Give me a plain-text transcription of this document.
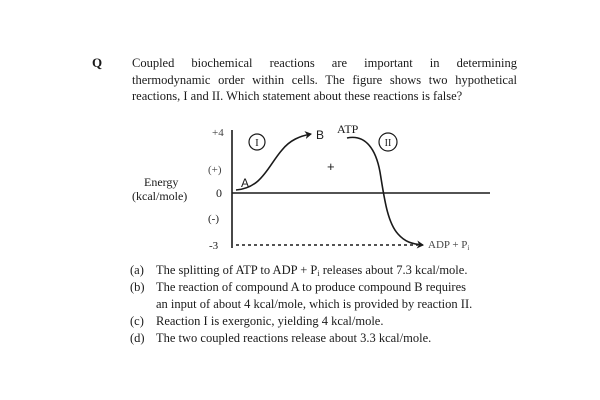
Q Coupled biochemical reactions are important in determining
thermodynamic order within cells. The figure shows two hypothetical
reactions, I and II. Which statement about these reactions is false?
+4
(+)
0
(-)
-3
Energy
(kcal/mole)
I	II
A
B
+
ATP
ADP + Pi
(a) The splitting of ATP to ADP + $P_i$ releases about 7.3 kcal/mole.
(b) The reaction of compound A to produce compound B requires
an input of about 4 kcal/mole, which is provided by reaction II.
(c) Reaction I is exergonic, yielding 4 kcal/mole.
(d) The two coupled reactions release about 3.3 kcal/mole.
